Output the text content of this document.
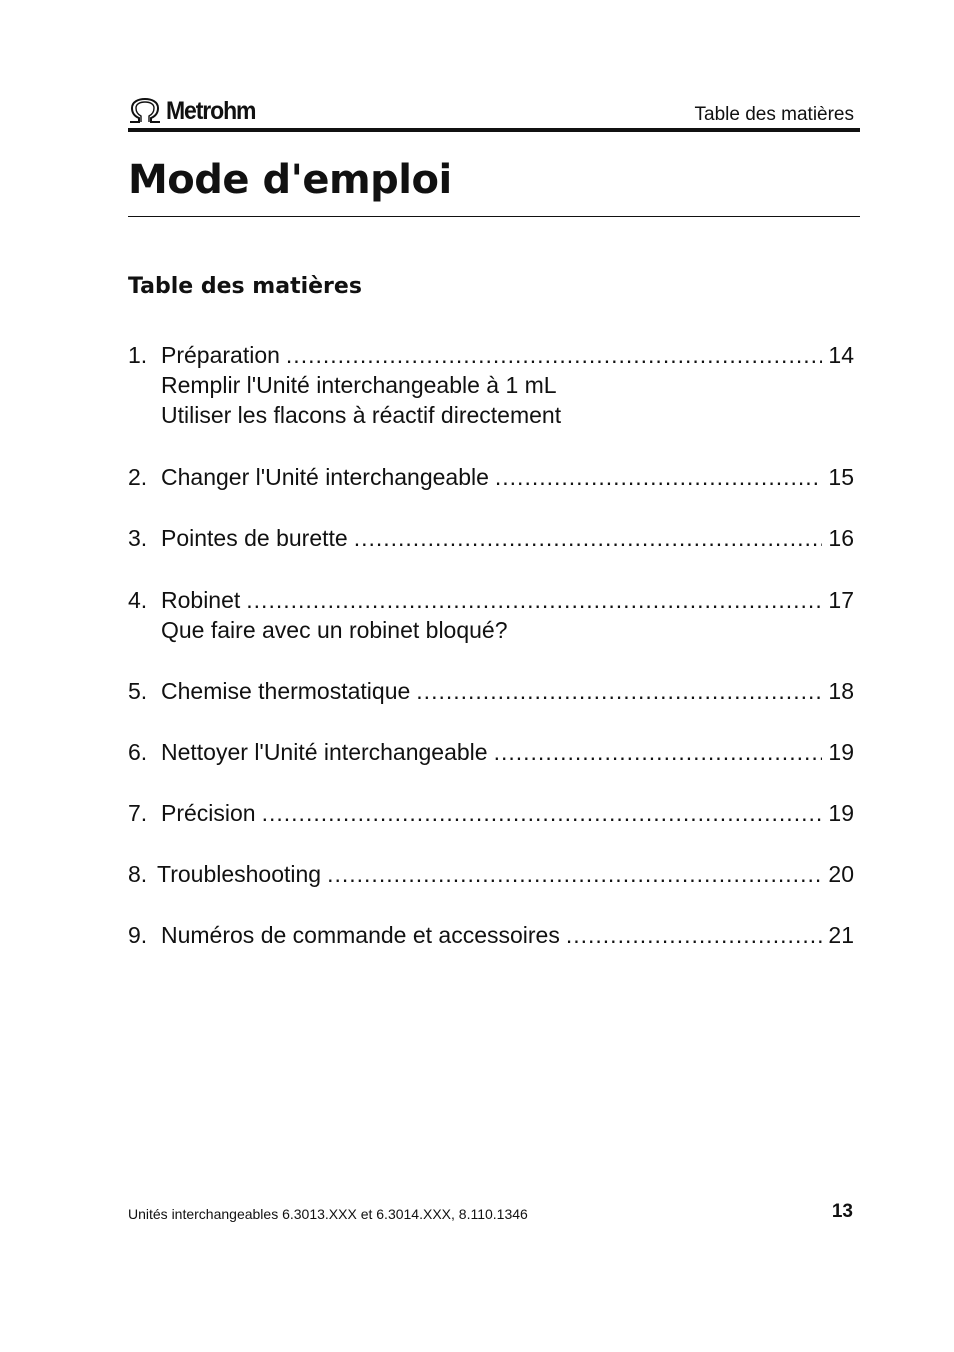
Metrohm	Table des matières
Mode d'emploi
Table des matières
1. Préparation .....	14
Remplir l'Unité interchangeable à 1 mL
Utiliser les flacons à réactif directement
2. Changer l'Unité interchangeable .....	15
3. Pointes de burette .....	16
4. Robinet .....	17
Que faire avec un robinet bloqué?
5. Chemise thermostatique .....	18
6. Nettoyer l'Unité interchangeable .....	19
7. Précision .....	19
8. Troubleshooting .....	20
9. Numéros de commande et accessoires .....	21
Unités interchangeables 6.3013.XXX et 6.3014.XXX, 8.110.1346	13
